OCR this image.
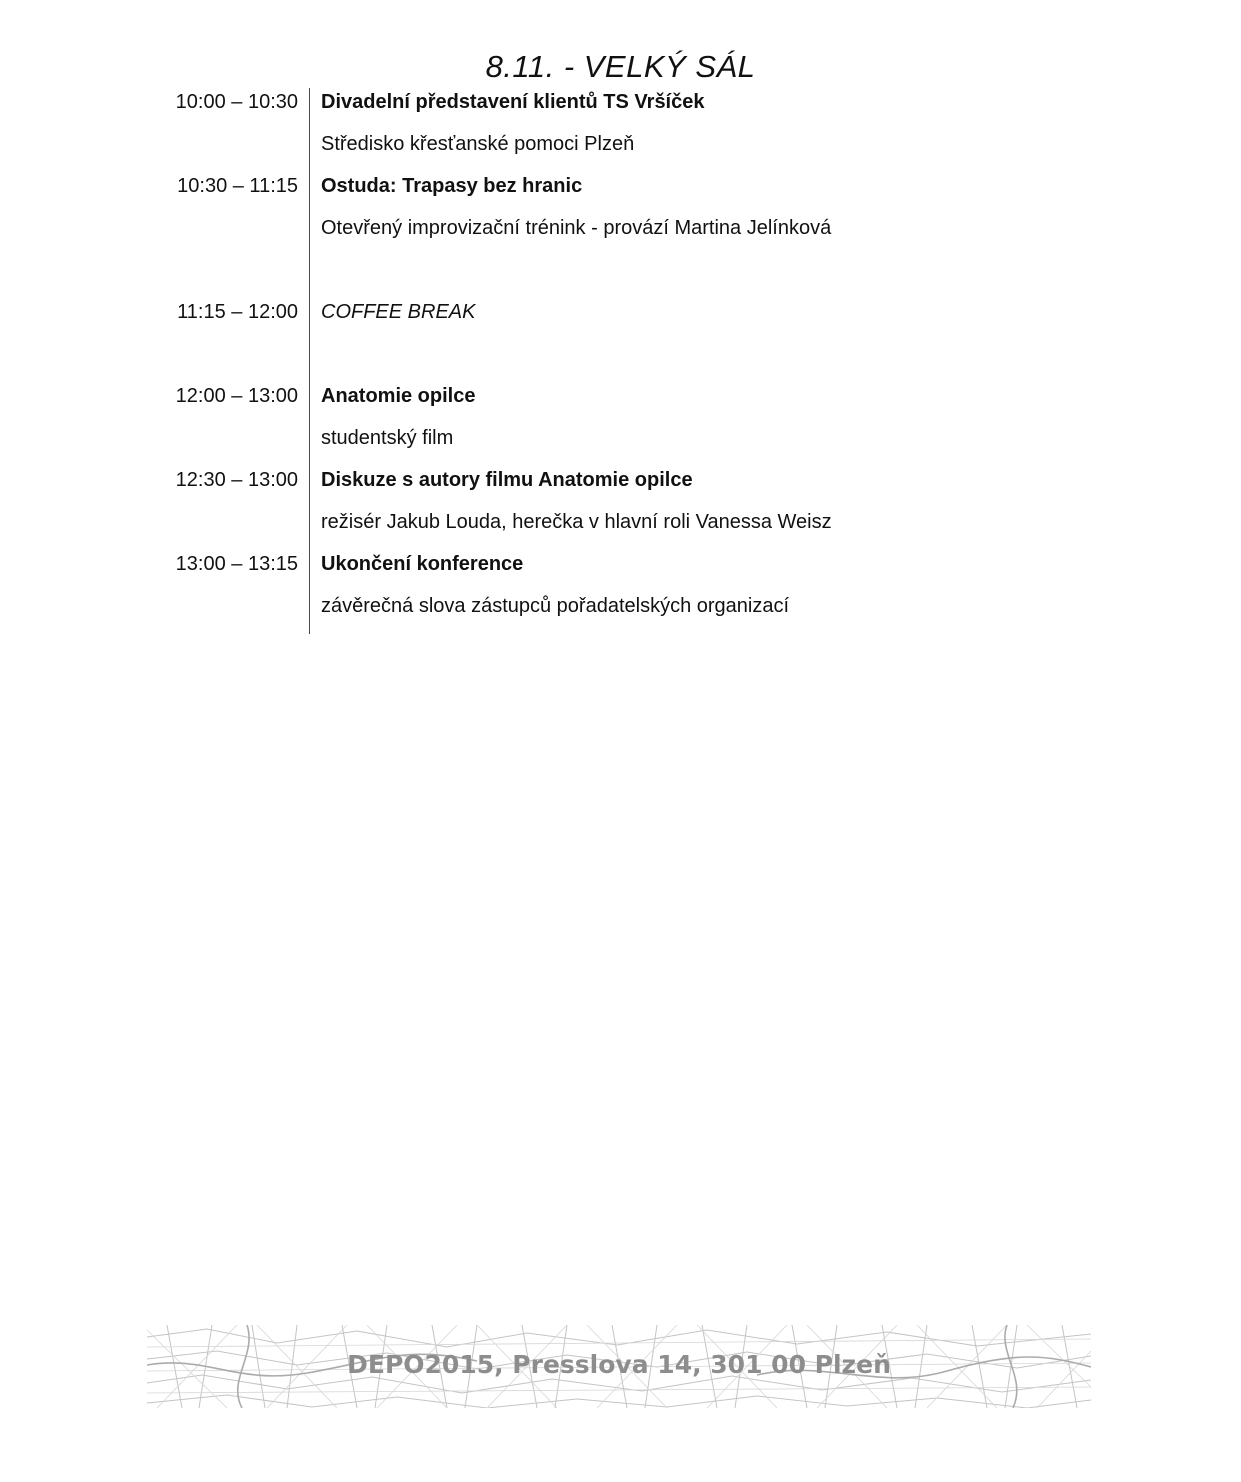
8.11. - VELKÝ SÁL
10:00 – 10:30 Divadelní představení klientů TS Vršíček
Středisko křesťanské pomoci Plzeň
10:30 – 11:15 Ostuda: Trapasy bez hranic
Otevřený improvizační trénink - provází Martina Jelínková
11:15 – 12:00 COFFEE BREAK
12:00 – 13:00 Anatomie opilce
studentský film
12:30 – 13:00 Diskuze s autory filmu Anatomie opilce
režisér Jakub Louda, herečka v hlavní roli Vanessa Weisz
13:00 – 13:15 Ukončení konference
závěrečná slova zástupců pořadatelských organizací
DEPO2015, Presslova 14, 301 00 Plzeň
